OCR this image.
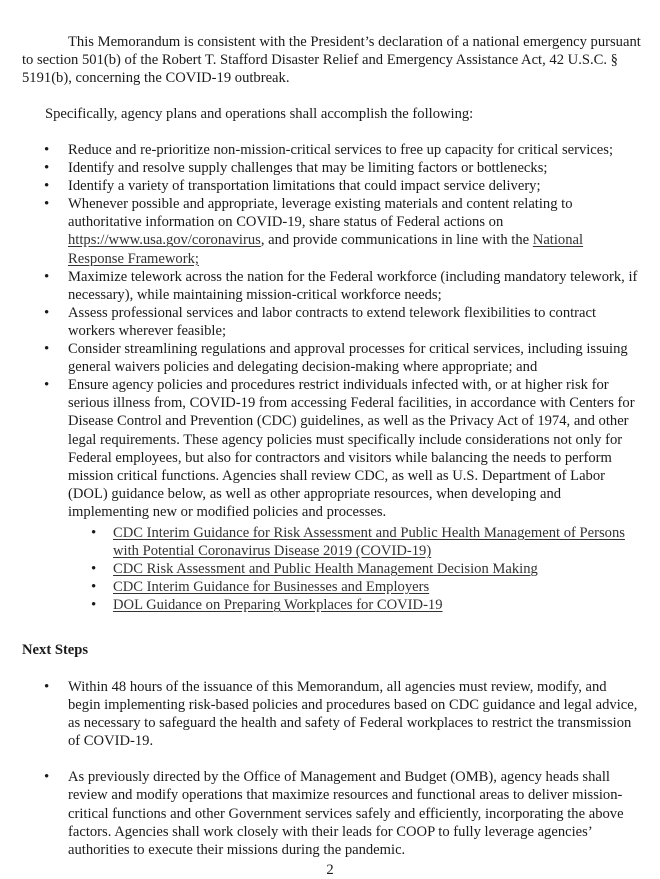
This Memorandum is consistent with the President’s declaration of a national emergency pursuant to section 501(b) of the Robert T. Stafford Disaster Relief and Emergency Assistance Act, 42 U.S.C. § 5191(b), concerning the COVID-19 outbreak.

Specifically, agency plans and operations shall accomplish the following:

• Reduce and re-prioritize non-mission-critical services to free up capacity for critical services;
• Identify and resolve supply challenges that may be limiting factors or bottlenecks;
• Identify a variety of transportation limitations that could impact service delivery;
• Whenever possible and appropriate, leverage existing materials and content relating to authoritative information on COVID-19, share status of Federal actions on https://www.usa.gov/coronavirus, and provide communications in line with the National Response Framework;
• Maximize telework across the nation for the Federal workforce (including mandatory telework, if necessary), while maintaining mission-critical workforce needs;
• Assess professional services and labor contracts to extend telework flexibilities to contract workers wherever feasible;
• Consider streamlining regulations and approval processes for critical services, including issuing general waivers policies and delegating decision-making where appropriate; and
• Ensure agency policies and procedures restrict individuals infected with, or at higher risk for serious illness from, COVID-19 from accessing Federal facilities, in accordance with Centers for Disease Control and Prevention (CDC) guidelines, as well as the Privacy Act of 1974, and other legal requirements. These agency policies must specifically include considerations not only for Federal employees, but also for contractors and visitors while balancing the needs to perform mission critical functions. Agencies shall review CDC, as well as U.S. Department of Labor (DOL) guidance below, as well as other appropriate resources, when developing and implementing new or modified policies and processes.
• CDC Interim Guidance for Risk Assessment and Public Health Management of Persons with Potential Coronavirus Disease 2019 (COVID-19)
• CDC Risk Assessment and Public Health Management Decision Making
• CDC Interim Guidance for Businesses and Employers
• DOL Guidance on Preparing Workplaces for COVID-19
Next Steps
• Within 48 hours of the issuance of this Memorandum, all agencies must review, modify, and begin implementing risk-based policies and procedures based on CDC guidance and legal advice, as necessary to safeguard the health and safety of Federal workplaces to restrict the transmission of COVID-19.
• As previously directed by the Office of Management and Budget (OMB), agency heads shall review and modify operations that maximize resources and functional areas to deliver mission-critical functions and other Government services safely and efficiently, incorporating the above factors. Agencies shall work closely with their leads for COOP to fully leverage agencies’ authorities to execute their missions during the pandemic.
2
